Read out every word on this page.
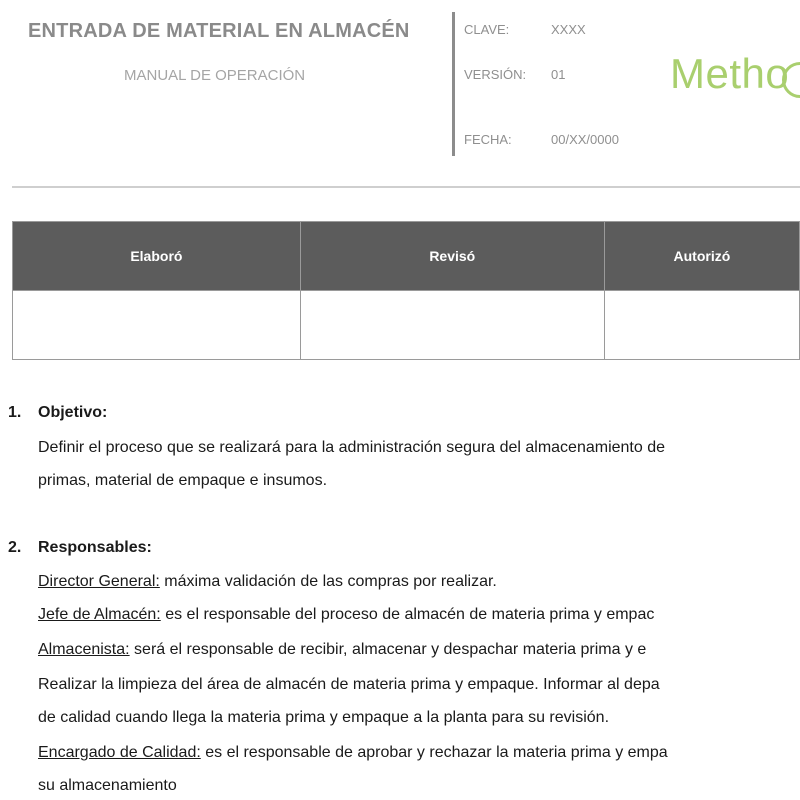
ENTRADA DE MATERIAL EN ALMACÉN
MANUAL DE OPERACIÓN
CLAVE:	XXXX
VERSIÓN: 01
FECHA:	00/XX/0000
Metho
Elaboró	Revisó	Autorizó

1. Objetivo:
Definir el proceso que se realizará para la administración segura del almacenamiento de
primas, material de empaque e insumos.
2. Responsables:
Director General: máxima validación de las compras por realizar.
Jefe de Almacén: es el responsable del proceso de almacén de materia prima y empac
Almacenista: será el responsable de recibir, almacenar y despachar materia prima y e
Realizar la limpieza del área de almacén de materia prima y empaque. Informar al depa
de calidad cuando llega la materia prima y empaque a la planta para su revisión.
Encargado de Calidad: es el responsable de aprobar y rechazar la materia prima y empa
su almacenamiento
